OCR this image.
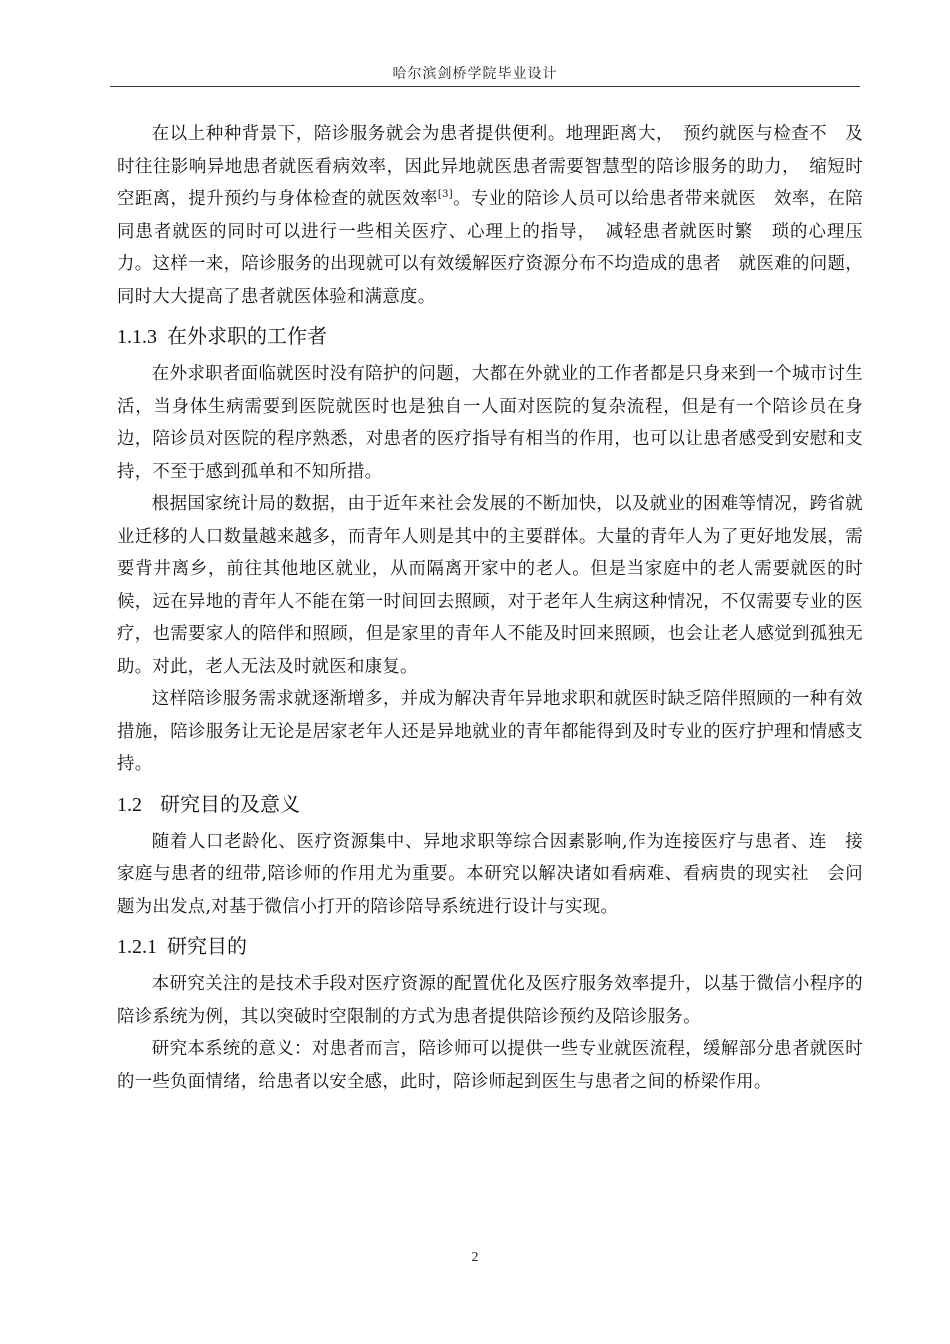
哈尔滨剑桥学院毕业设计

在以上种种背景下，陪诊服务就会为患者提供便利。地理距离大，　预约就医与检查不　及时往往影响异地患者就医看病效率，因此异地就医患者需要智慧型的陪诊服务的助力，　缩短时空距离，提升预约与身体检查的就医效率[3]。专业的陪诊人员可以给患者带来就医　效率，在陪同患者就医的同时可以进行一些相关医疗、心理上的指导，　减轻患者就医时繁　琐的心理压力。这样一来，陪诊服务的出现就可以有效缓解医疗资源分布不均造成的患者　就医难的问题，同时大大提高了患者就医体验和满意度。

1.1.3 在外求职的工作者

在外求职者面临就医时没有陪护的问题，大都在外就业的工作者都是只身来到一个城市讨生活，当身体生病需要到医院就医时也是独自一人面对医院的复杂流程，但是有一个陪诊员在身边，陪诊员对医院的程序熟悉，对患者的医疗指导有相当的作用，也可以让患者感受到安慰和支持，不至于感到孤单和不知所措。

根据国家统计局的数据，由于近年来社会发展的不断加快，以及就业的困难等情况，跨省就业迁移的人口数量越来越多，而青年人则是其中的主要群体。大量的青年人为了更好地发展，需要背井离乡，前往其他地区就业，从而隔离开家中的老人。但是当家庭中的老人需要就医的时候，远在异地的青年人不能在第一时间回去照顾，对于老年人生病这种情况，不仅需要专业的医疗，也需要家人的陪伴和照顾，但是家里的青年人不能及时回来照顾，也会让老人感觉到孤独无助。对此，老人无法及时就医和康复。

这样陪诊服务需求就逐渐增多，并成为解决青年异地求职和就医时缺乏陪伴照顾的一种有效措施，陪诊服务让无论是居家老年人还是异地就业的青年都能得到及时专业的医疗护理和情感支持。

1.2 研究目的及意义

随着人口老龄化、医疗资源集中、异地求职等综合因素影响,作为连接医疗与患者、连　接家庭与患者的纽带,陪诊师的作用尤为重要。本研究以解决诸如看病难、看病贵的现实社　会问题为出发点,对基于微信小打开的陪诊陪导系统进行设计与实现。

1.2.1 研究目的

本研究关注的是技术手段对医疗资源的配置优化及医疗服务效率提升，以基于微信小程序的陪诊系统为例，其以突破时空限制的方式为患者提供陪诊预约及陪诊服务。

研究本系统的意义：对患者而言，陪诊师可以提供一些专业就医流程，缓解部分患者就医时的一些负面情绪，给患者以安全感，此时，陪诊师起到医生与患者之间的桥梁作用。

2
